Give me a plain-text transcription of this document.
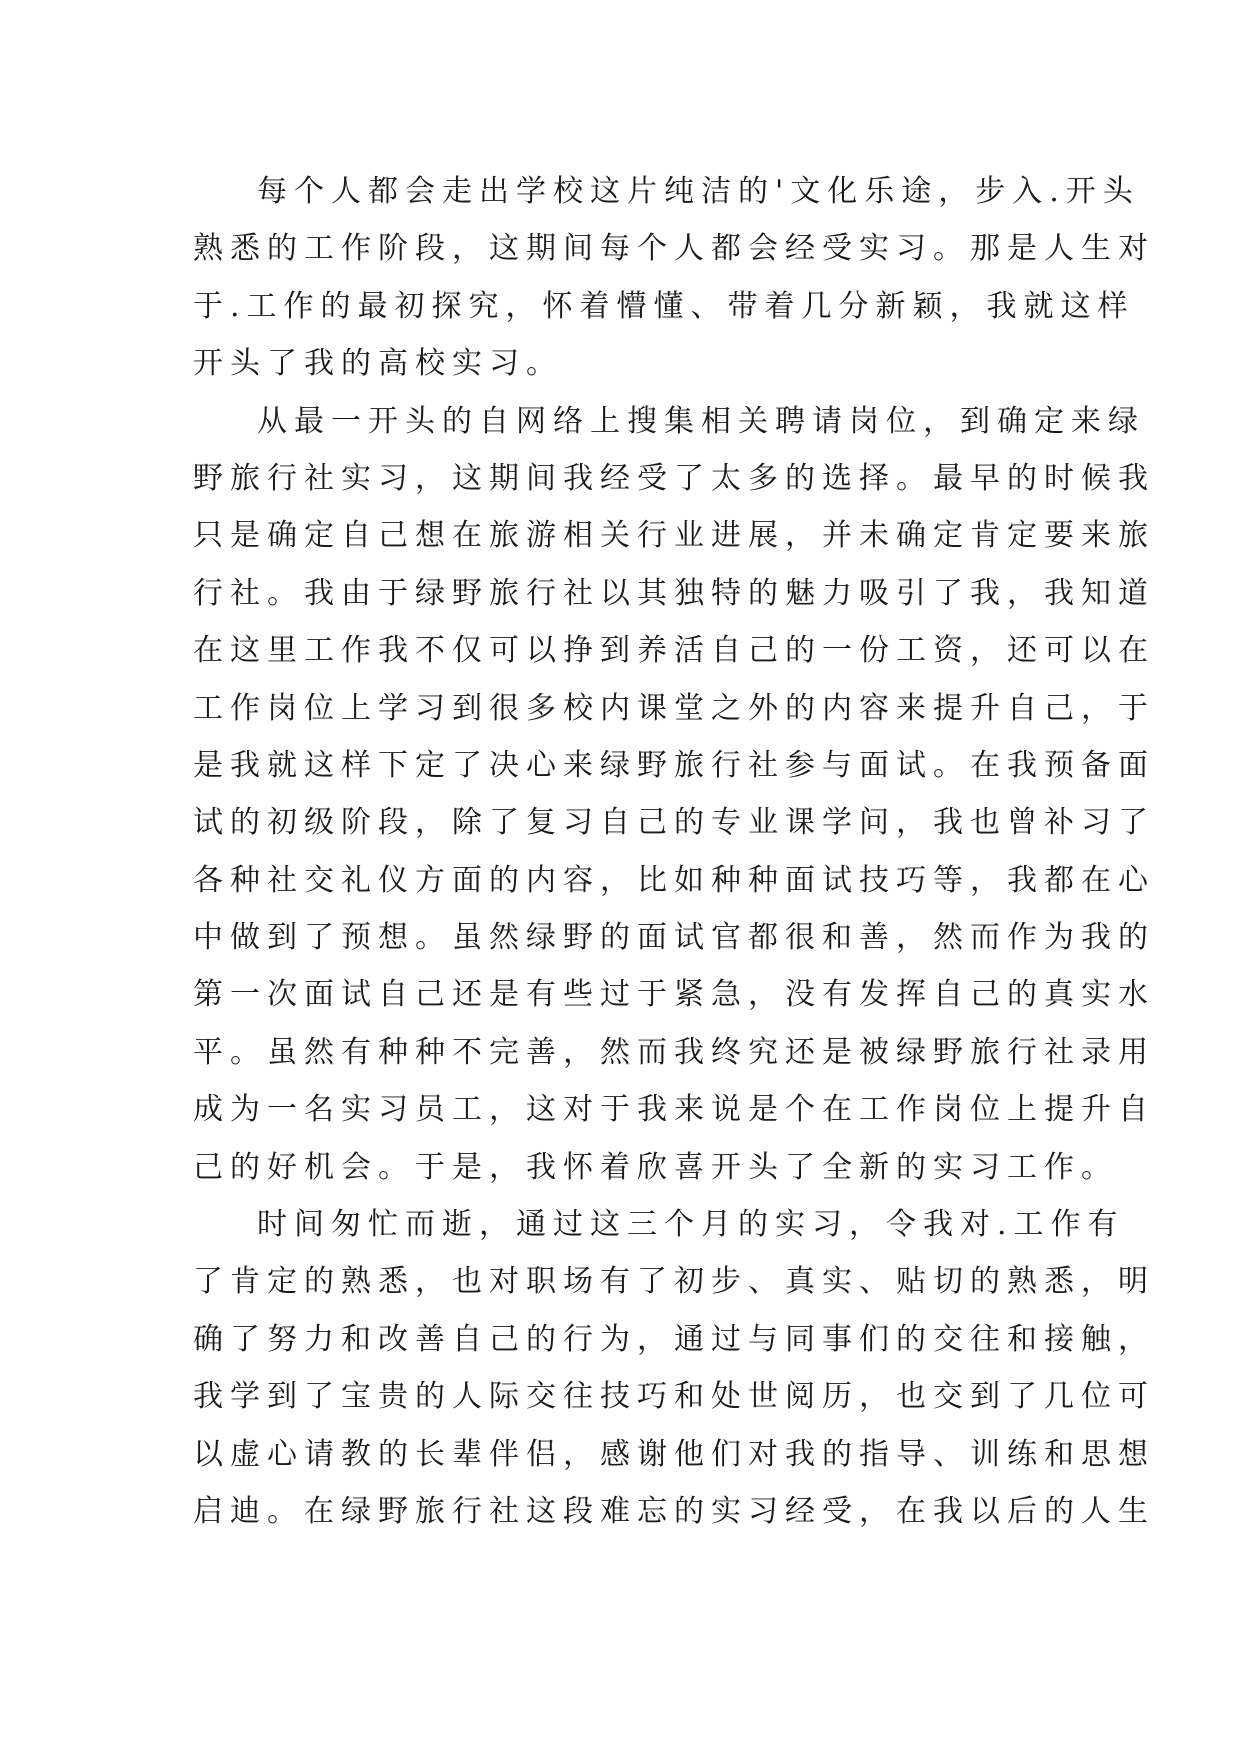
每个人都会走出学校这片纯洁的'文化乐途，步入.开头
熟悉的工作阶段，这期间每个人都会经受实习。那是人生对
于.工作的最初探究，怀着懵懂、带着几分新颖，我就这样
开头了我的高校实习。
从最一开头的自网络上搜集相关聘请岗位，到确定来绿
野旅行社实习，这期间我经受了太多的选择。最早的时候我
只是确定自己想在旅游相关行业进展，并未确定肯定要来旅
行社。我由于绿野旅行社以其独特的魅力吸引了我，我知道
在这里工作我不仅可以挣到养活自己的一份工资，还可以在
工作岗位上学习到很多校内课堂之外的内容来提升自己，于
是我就这样下定了决心来绿野旅行社参与面试。在我预备面
试的初级阶段，除了复习自己的专业课学问，我也曾补习了
各种社交礼仪方面的内容，比如种种面试技巧等，我都在心
中做到了预想。虽然绿野的面试官都很和善，然而作为我的
第一次面试自己还是有些过于紧急，没有发挥自己的真实水
平。虽然有种种不完善，然而我终究还是被绿野旅行社录用
成为一名实习员工，这对于我来说是个在工作岗位上提升自
己的好机会。于是，我怀着欣喜开头了全新的实习工作。
时间匆忙而逝，通过这三个月的实习，令我对.工作有
了肯定的熟悉，也对职场有了初步、真实、贴切的熟悉，明
确了努力和改善自己的行为，通过与同事们的交往和接触，
我学到了宝贵的人际交往技巧和处世阅历，也交到了几位可
以虚心请教的长辈伴侣，感谢他们对我的指导、训练和思想
启迪。在绿野旅行社这段难忘的实习经受，在我以后的人生
